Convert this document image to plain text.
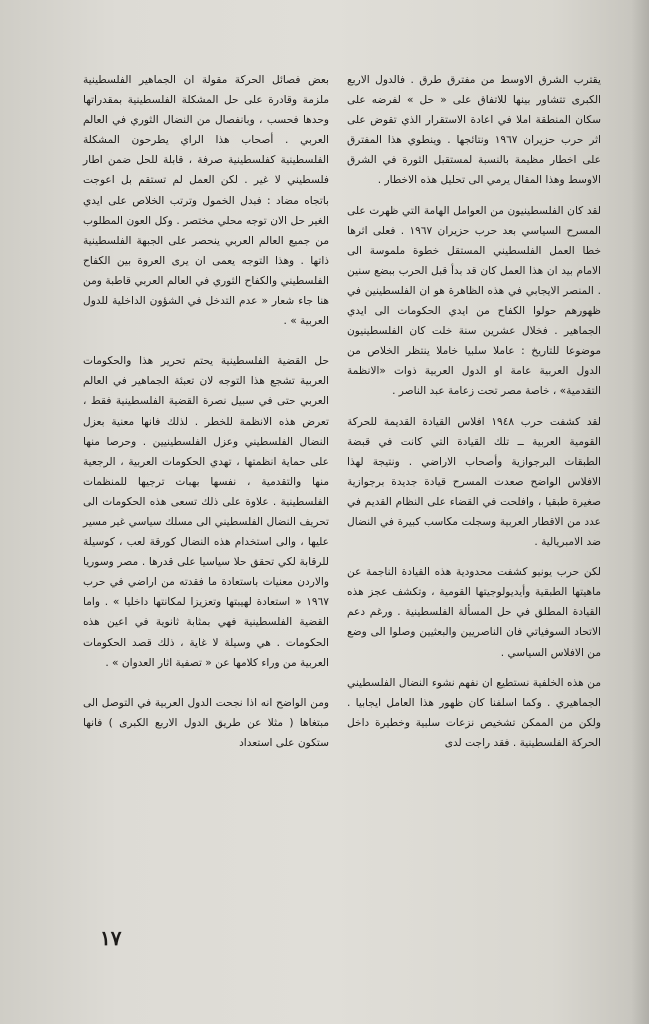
يقترب الشرق الاوسط من مفترق طرق . فالدول الاربع الكبرى تتشاور بينها للاتفاق على « حل » لفرضه على سكان المنطقة املا في اعادة الاستقرار الذي تقوض على اثر حرب حزيران ١٩٦٧ ونتائجها . وينطوي هذا المفترق على اخطار مظيمة بالنسبة لمستقبل الثورة في الشرق الاوسط وهذا المقال يرمي الى تحليل هذه الاخطار .

لقد كان الفلسطينيون من العوامل الهامة التي ظهرت على المسرح السياسي بعد حرب حزيران ١٩٦٧ . فعلى اثرها خطا العمل الفلسطيني المستقل خطوة ملموسة الى الامام بيد ان هذا العمل كان قد بدأ قبل الحرب ببضع سنين . المنصر الايجابي في هذه الظاهرة هو ان الفلسطينين في ظهورهم حولوا الكفاح من ايدي الحكومات الى ايدي الجماهير . فخلال عشرين سنة خلت كان الفلسطينيون موضوعا للتاريخ : عاملا سلبيا خاملا ينتظر الخلاص من الدول العربية عامة او الدول العربية ذوات «الانظمة التقدمية» ، خاصة مصر تحت زعامة عبد الناصر .

لقد كشفت حرب ١٩٤٨ افلاس القيادة القديمة للحركة القومية العربية ــ تلك القيادة التي كانت في قبضة الطبقات البرجوازية وأصحاب الاراضي . ونتيجة لهذا الافلاس الواضح صعدت المسرح قيادة جديدة برجوازية صغيرة طبقيا ، وافلحت في القضاء على النظام القديم في عدد من الاقطار العربية وسجلت مكاسب كبيرة في النضال ضد الامبريالية .

لكن حرب يونيو كشفت محدودية هذه القيادة الناجمة عن ماهيتها الطبقية وأيديولوجيتها القومية ، وتكشف عجز هذه القيادة المطلق في حل المسألة الفلسطينية . ورغم دعم الاتحاد السوفياتي فان الناصريين والبعثيين وصلوا الى وضع من الافلاس السياسي .

من هذه الخلفية نستطيع ان نفهم نشوء النضال الفلسطيني الجماهيري . وكما اسلفنا كان ظهور هذا العامل ايجابيا . ولكن من الممكن تشخيص نزعات سلبية وخطيرة داخل الحركة الفلسطينية . فقد راجت لدى

بعض فصائل الحركة مقولة ان الجماهير الفلسطينية ملزمة وقادرة على حل المشكلة الفلسطينية بمقدراتها وحدها فحسب ، وبانفصال من النضال الثوري في العالم العربي . أصحاب هذا الراي يطرحون المشكلة الفلسطينية كفلسطينية صرفة ، قابلة للحل ضمن اطار فلسطيني لا غير . لكن العمل لم تستقم بل اعوجت باتجاه مضاد : فبدل الخمول وترتب الخلاص على ايدي الغير حل الان توجه محلي مختصر . وكل العون المطلوب من جميع العالم العربي ينحصر على الجبهة الفلسطينية ذاتها . وهذا التوجه يعمى ان يرى العروة بين الكفاح الفلسطيني والكفاح الثوري في العالم العربي قاطبة ومن هنا جاء شعار « عدم التدخل في الشؤون الداخلية للدول العربية » .

حل القضية الفلسطينية يحتم تحرير هذا والحكومات العربية تشجع هذا التوجه لان تعبئة الجماهير في العالم العربي حتى في سبيل نصرة القضية الفلسطينية فقط ، تعرض هذه الانظمة للخطر . لذلك فانها معنية بعزل النضال الفلسطيني وعزل الفلسطينيين . وحرصا منها على حماية انظمتها ، تهدي الحكومات العربية ، الرجعية منها والتقدمية ، نفسها بهبات ترجيها للمنظمات الفلسطينية . علاوة على ذلك تسعى هذه الحكومات الى تحريف النضال الفلسطيني الى مسلك سياسي غير مسير عليها ، والى استخدام هذه النضال كورقة لعب ، كوسيلة للرقابة لكي تحقق حلا سياسيا على قدرها . مصر وسوريا والاردن معنيات باستعادة ما فقدته من اراضي في حرب ١٩٦٧ « استعادة لهيبتها وتعزيزا لمكانتها داخليا » . واما القضية الفلسطينية فهي بمثابة ثانوية في اعين هذه الحكومات . هي وسيلة لا غاية ، ذلك قصد الحكومات العربية من وراء كلامها عن « تصفية اثار العدوان » .

ومن الواضح انه اذا نجحت الدول العربية في التوصل الى مبتغاها ( مثلا عن طريق الدول الاربع الكبرى ) فانها ستكون على استعداد

١٧
